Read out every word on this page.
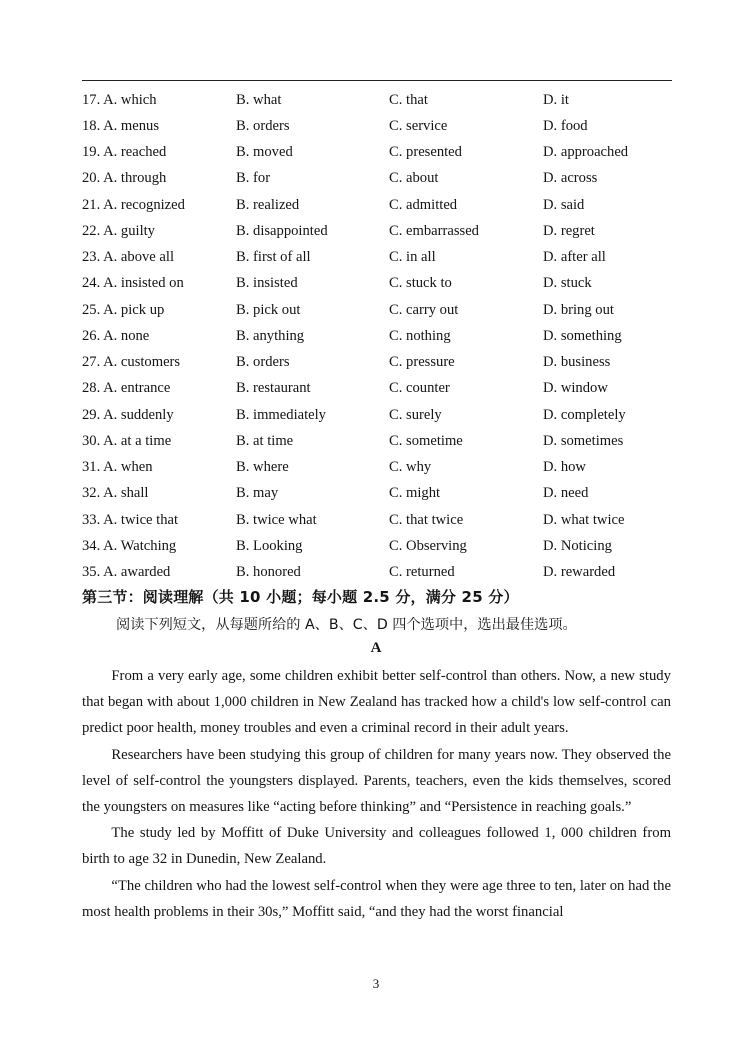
17. A. which	B. what	C. that	D. it
18. A. menus	B. orders	C. service	D. food
19. A. reached	B. moved	C. presented	D. approached
20. A. through	B. for	C. about	D. across
21. A. recognized	B. realized	C. admitted	D. said
22. A. guilty	B. disappointed	C. embarrassed	D. regret
23. A. above all	B. first of all	C. in all	D. after all
24. A. insisted on	B. insisted	C. stuck to	D. stuck
25. A. pick up	B. pick out	C. carry out	D. bring out
26. A. none	B. anything	C. nothing	D. something
27. A. customers	B. orders	C. pressure	D. business
28. A. entrance	B. restaurant	C. counter	D. window
29. A. suddenly	B. immediately	C. surely	D. completely
30. A. at a time	B. at time	C. sometime	D. sometimes
31. A. when	B. where	C. why	D. how
32. A. shall	B. may	C. might	D. need
33. A. twice that	B. twice what	C. that twice	D. what twice
34. A. Watching	B. Looking	C. Observing	D. Noticing
35. A. awarded	B. honored	C. returned	D. rewarded
第三节：阅读理解（共 10 小题；每小题 2.5 分，满分 25 分）
阅读下列短文，从每题所给的 A、B、C、D 四个选项中，选出最佳选项。
A

From a very early age, some children exhibit better self-control than others. Now, a new study that began with about 1,000 children in New Zealand has tracked how a child's low self-control can predict poor health, money troubles and even a criminal record in their adult years.

Researchers have been studying this group of children for many years now. They observed the level of self-control the youngsters displayed. Parents, teachers, even the kids themselves, scored the youngsters on measures like “acting before thinking” and “Persistence in reaching goals.”

The study led by Moffitt of Duke University and colleagues followed 1, 000 children from birth to age 32 in Dunedin, New Zealand.

“The children who had the lowest self-control when they were age three to ten, later on had the most health problems in their 30s,” Moffitt said, “and they had the worst financial

3
